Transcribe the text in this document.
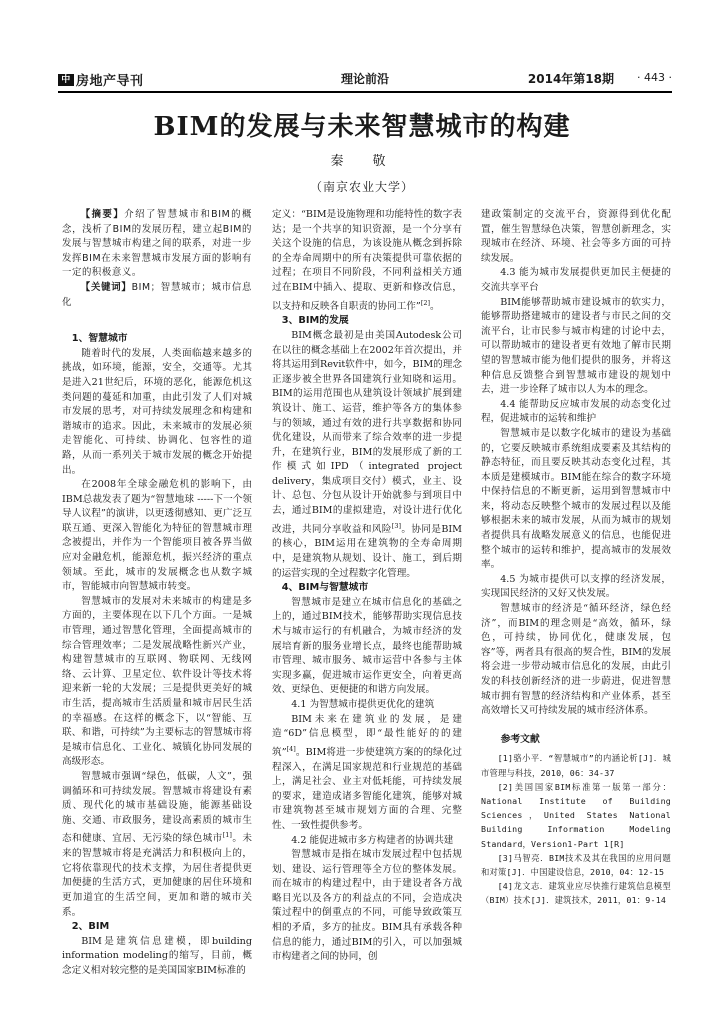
中 房地产导刊	理论前沿	2014年第18期 · 443 ·
BIM的发展与未来智慧城市的构建
秦　敬
（南京农业大学）

【摘要】介绍了智慧城市和BIM的概念，浅析了BIM的发展历程，建立起BIM的发展与智慧城市构建之间的联系，对进一步发挥BIM在未来智慧城市发展方面的影响有一定的积极意义。

【关键词】BIM；智慧城市；城市信息化

1、智慧城市

随着时代的发展，人类面临越来越多的挑战，如环境，能源，安全，交通等。尤其是进入21世纪后，环境的恶化，能源危机这类问题的蔓延和加重，由此引发了人们对城市发展的思考，对可持续发展理念和构建和谐城市的追求。因此，未来城市的发展必须走智能化、可持续、协调化、包容性的道路，从而一系列关于城市发展的概念开始提出。

在2008年全球金融危机的影响下，由IBM总裁发表了题为“智慧地球 -----下一个领导人议程”的演讲，以更透彻感知、更广泛互联互通、更深入智能化为特征的智慧城市理念被提出，并作为一个智能项目被各界当做应对金融危机，能源危机，振兴经济的重点领域。至此，城市的发展概念也从数字城市，智能城市向智慧城市转变。

智慧城市的发展对未来城市的构建是多方面的，主要体现在以下几个方面。一是城市管理，通过智慧化管理，全面提高城市的综合管理效率；二是发展战略性新兴产业，构建智慧城市的互联网、物联网、无线网络、云计算、卫星定位、软件设计等技术将迎来新一轮的大发展；三是提供更美好的城市生活，提高城市生活质量和城市居民生活的幸福感。在这样的概念下，以“智能、互联、和谐，可持续”为主要标志的智慧城市将是城市信息化、工业化、城镇化协同发展的高级形态。

智慧城市强调“绿色，低碳，人文”，强调循环和可持续发展。智慧城市将建设有素质、现代化的城市基础设施，能源基础设施、交通、市政服务，建设高素质的城市生态和健康、宜居、无污染的绿色城市[1]。未来的智慧城市将是充满活力和积极向上的，它将依靠现代的技术支撑，为居住者提供更加便捷的生活方式，更加健康的居住环境和更加道宜的生活空间，更加和谐的城市关系。

2、BIM

BIM是建筑信息建模，即building information modeling的缩写，目前，概念定义相对较完整的是美国国家BIM标准的

定义：“BIM是设施物理和功能特性的数字表达；是一个共享的知识资源，是一个分享有关这个设施的信息，为该设施从概念到拆除的全寿命周期中的所有决策提供可靠依据的过程；在项目不同阶段，不同利益相关方通过在BIM中插入、提取、更新和修改信息，以支持和反映各自职责的协同工作”[2]。

3、BIM的发展

BIM概念最初是由美国Autodesk公司在以往的概念基础上在2002年首次提出，并将其运用到Revit软件中，如今，BIM的理念正逐步被全世界各国建筑行业知晓和运用。BIM的运用范围也从建筑设计领域扩展到建筑设计、施工、运营，维护等各方的集体参与的领域，通过有效的进行共享数据和协同优化建设，从而带来了综合效率的进一步提升，在建筑行业，BIM的发展形成了新的工作模式如IPD（integrated project delivery，集成项目交付）模式，业主、设计、总包、分包从设计开始就参与到项目中去，通过BIM的虚拟建造，对设计进行优化改进，共同分享收益和风险[3]。协同是BIM的核心，BIM运用在建筑物的全寿命周期中，是建筑物从规划、设计、施工，到后期的运营实现的全过程数字化管理。

4、BIM与智慧城市

智慧城市是建立在城市信息化的基础之上的，通过BIM技术，能够帮助实现信息技术与城市运行的有机融合，为城市经济的发展培育新的服务业增长点，最终也能帮助城市管理、城市服务、城市运营中各参与主体实现多赢，促进城市运作更安全，向着更高效、更绿色、更便捷的和谐方向发展。

4.1 为智慧城市提供更优化的建筑

BIM未来在建筑业的发展，是建造“6D”信息模型，即“最性能好的的建筑”[4]。BIM将进一步使建筑方案的的绿化过程深入，在满足国家规范和行业规范的基础上，满足社会、业主对低耗能，可持续发展的要求，建造成诸多智能化建筑，能够对城市建筑物甚至城市规划方面的合理、完整性、一致性提供参考。

4.2 能促进城市多方构建者的协调共建

智慧城市是指在城市发展过程中包括规划、建设、运行管理等全方位的整体发展。而在城市的构建过程中，由于建设者各方战略目光以及各方的利益点的不同，会造成决策过程中的倒重点的不同，可能导致政策互相的矛盾，多方的扯皮。BIM具有承载各种信息的能力，通过BIM的引入，可以加强城市构建者之间的协同，创

建政策制定的交流平台，资源得到优化配置，催生智慧绿色决策，智慧创新理念，实现城市在经济、环境、社会等多方面的可持续发展。

4.3 能为城市发展提供更加民主便捷的交流共享平台

BIM能够帮助城市建设城市的软实力，能够帮助搭建城市的建设者与市民之间的交流平台，让市民参与城市构建的讨论中去，可以帮助城市的建设者更有效地了解市民期望的智慧城市能为他们提供的服务，并将这种信息反馈整合到智慧城市建设的规划中去，进一步诠释了城市以人为本的理念。

4.4 能帮助反应城市发展的动态变化过程，促进城市的运转和维护

智慧城市是以数字化城市的建设为基础的，它要反映城市系统组成要素及其结构的静态特征，而且要反映其动态变化过程，其本质是建模城市。BIM能在综合的数字环境中保持信息的不断更新，运用到智慧城市中来，将动态反映整个城市的发展过程以及能够根据未来的城市发展，从而为城市的规划者提供具有战略发展意义的信息，也能促进整个城市的运转和维护，提高城市的发展效率。

4.5 为城市提供可以支撑的经济发展，实现国民经济的又好又快发展。

智慧城市的经济是“循环经济，绿色经济”，而BIM的理念则是“高效，循环，绿色，可持续，协同优化，健康发展，包容”等，两者具有很高的契合性，BIM的发展将会进一步带动城市信息化的发展，由此引发的科技创新经济的进一步蔚进，促进智慧城市拥有智慧的经济结构和产业体系，甚至高效增长又可持续发展的城市经济体系。

参考文献
[1]骆小平．“智慧城市”的内涵论析[J]．城市管理与科技，2010，06：34-37
[2]美国国家BIM标准第一版第一部分：National Institute of Building Sciences，United States National Building Information Modeling Standard，Version1-Part 1[R]
[3]马智亮．BIM技术及其在我国的应用问题和对策[J]．中国建设信息，2010，04：12-15
[4]龙文志．建筑业应尽快推行建筑信息模型（BIM）技术[J]．建筑技术，2011，01：9-14
